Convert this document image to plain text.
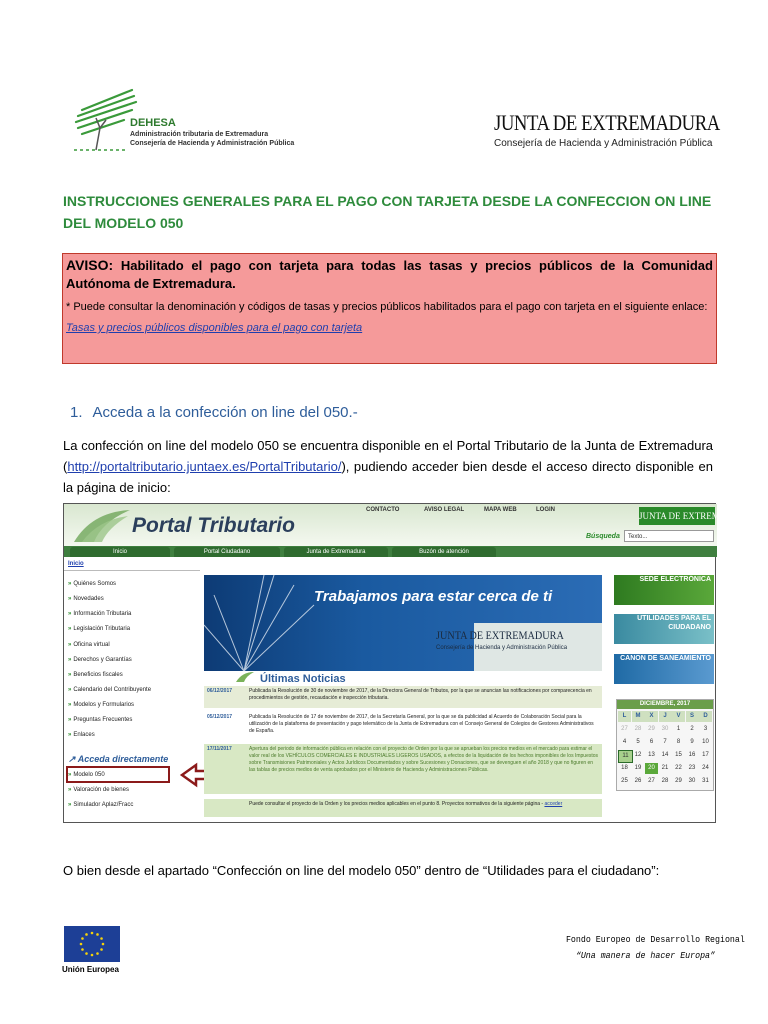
DEHESA
Administración tributaria de Extremadura
Consejería de Hacienda y Administración Pública
JUNTA DE EXTREMADURA
Consejería de Hacienda y Administración Pública
INSTRUCCIONES GENERALES PARA EL PAGO CON TARJETA DESDE LA CONFECCION ON LINE DEL MODELO 050

AVISO: Habilitado el pago con tarjeta para todas las tasas y precios públicos de la Comunidad Autónoma de Extremadura.

* Puede consultar la denominación y códigos de tasas y precios públicos habilitados para el pago con tarjeta en el siguiente enlace:

Tasas y precios públicos disponibles para el pago con tarjeta
1. Acceda a la confección on line del 050.-
La confección on line del modelo 050 se encuentra disponible en el Portal Tributario de la Junta de Extremadura (http://portaltributario.juntaex.es/PortalTributario/), pudiendo acceder bien desde el acceso directo disponible en la página de inicio:
Portal Tributario
CONTACTO	AVISO LEGAL	MAPA WEB	LOGIN
JUNTA DE EXTREMADURA
Búsqueda	Texto...
Inicio	Portal Ciudadano	Junta de Extremadura	Buzón de atención
Inicio
» Quiénes Somos
» Novedades
» Información Tributaria
» Legislación Tributaria
» Oficina virtual
» Derechos y Garantías
» Beneficios fiscales
» Calendario del Contribuyente
» Modelos y Formularios
» Preguntas Frecuentes
» Enlaces
↗ Acceda directamente
» Modelo 050
» Valoración de bienes
» Simulador Aplaz/Fracc
Trabajamos para estar cerca de ti
JUNTA DE EXTREMADURA
Consejería de Hacienda y Administración Pública
Últimas Noticias
06/12/2017	Publicada la Resolución de 30 de noviembre de 2017, de la Directora General de Tributos, por la que se anuncian las notificaciones por comparecencia en procedimientos de gestión, recaudación e inspección tributaria.
05/12/2017	Publicada la Resolución de 17 de noviembre de 2017, de la Secretaría General, por la que se da publicidad al Acuerdo de Colaboración Social para la utilización de la plataforma de presentación y pago telemático de la Junta de Extremadura con el Consejo General de Colegios de Gestores Administrativos de España.
17/11/2017	Apertura del periodo de información pública en relación con el proyecto de Orden por la que se aprueban los precios medios en el mercado para estimar el valor real de los VEHÍCULOS COMERCIALES E INDUSTRIALES LIGEROS USADOS, a efectos de la liquidación de los hechos imponibles de los Impuestos sobre Transmisiones Patrimoniales y Actos Jurídicos Documentados y sobre Sucesiones y Donaciones, que se devenguen el año 2018 y que no figuren en las tablas de precios medios de venta aprobados por el Ministerio de Hacienda y Administraciones Públicas.
Puede consultar el proyecto de la Orden y los precios medios aplicables en el punto 8. Proyectos normativos de la siguiente página - acceder
SEDE ELECTRÓNICA
UTILIDADES PARA EL CIUDADANO
CANON DE SANEAMIENTO
DICIEMBRE, 2017
L	M	X	J	V	S	D
27	28	29	30	1	2	3
4	5	6	7	8	9	10
11	12	13	14	15	16	17
18	19	20	21	22	23	24
25	26	27	28	29	30	31
O bien desde el apartado “Confección on line del modelo 050” dentro de “Utilidades para el ciudadano”:
Unión Europea
Fondo Europeo de Desarrollo Regional
“Una manera de hacer Europa”
